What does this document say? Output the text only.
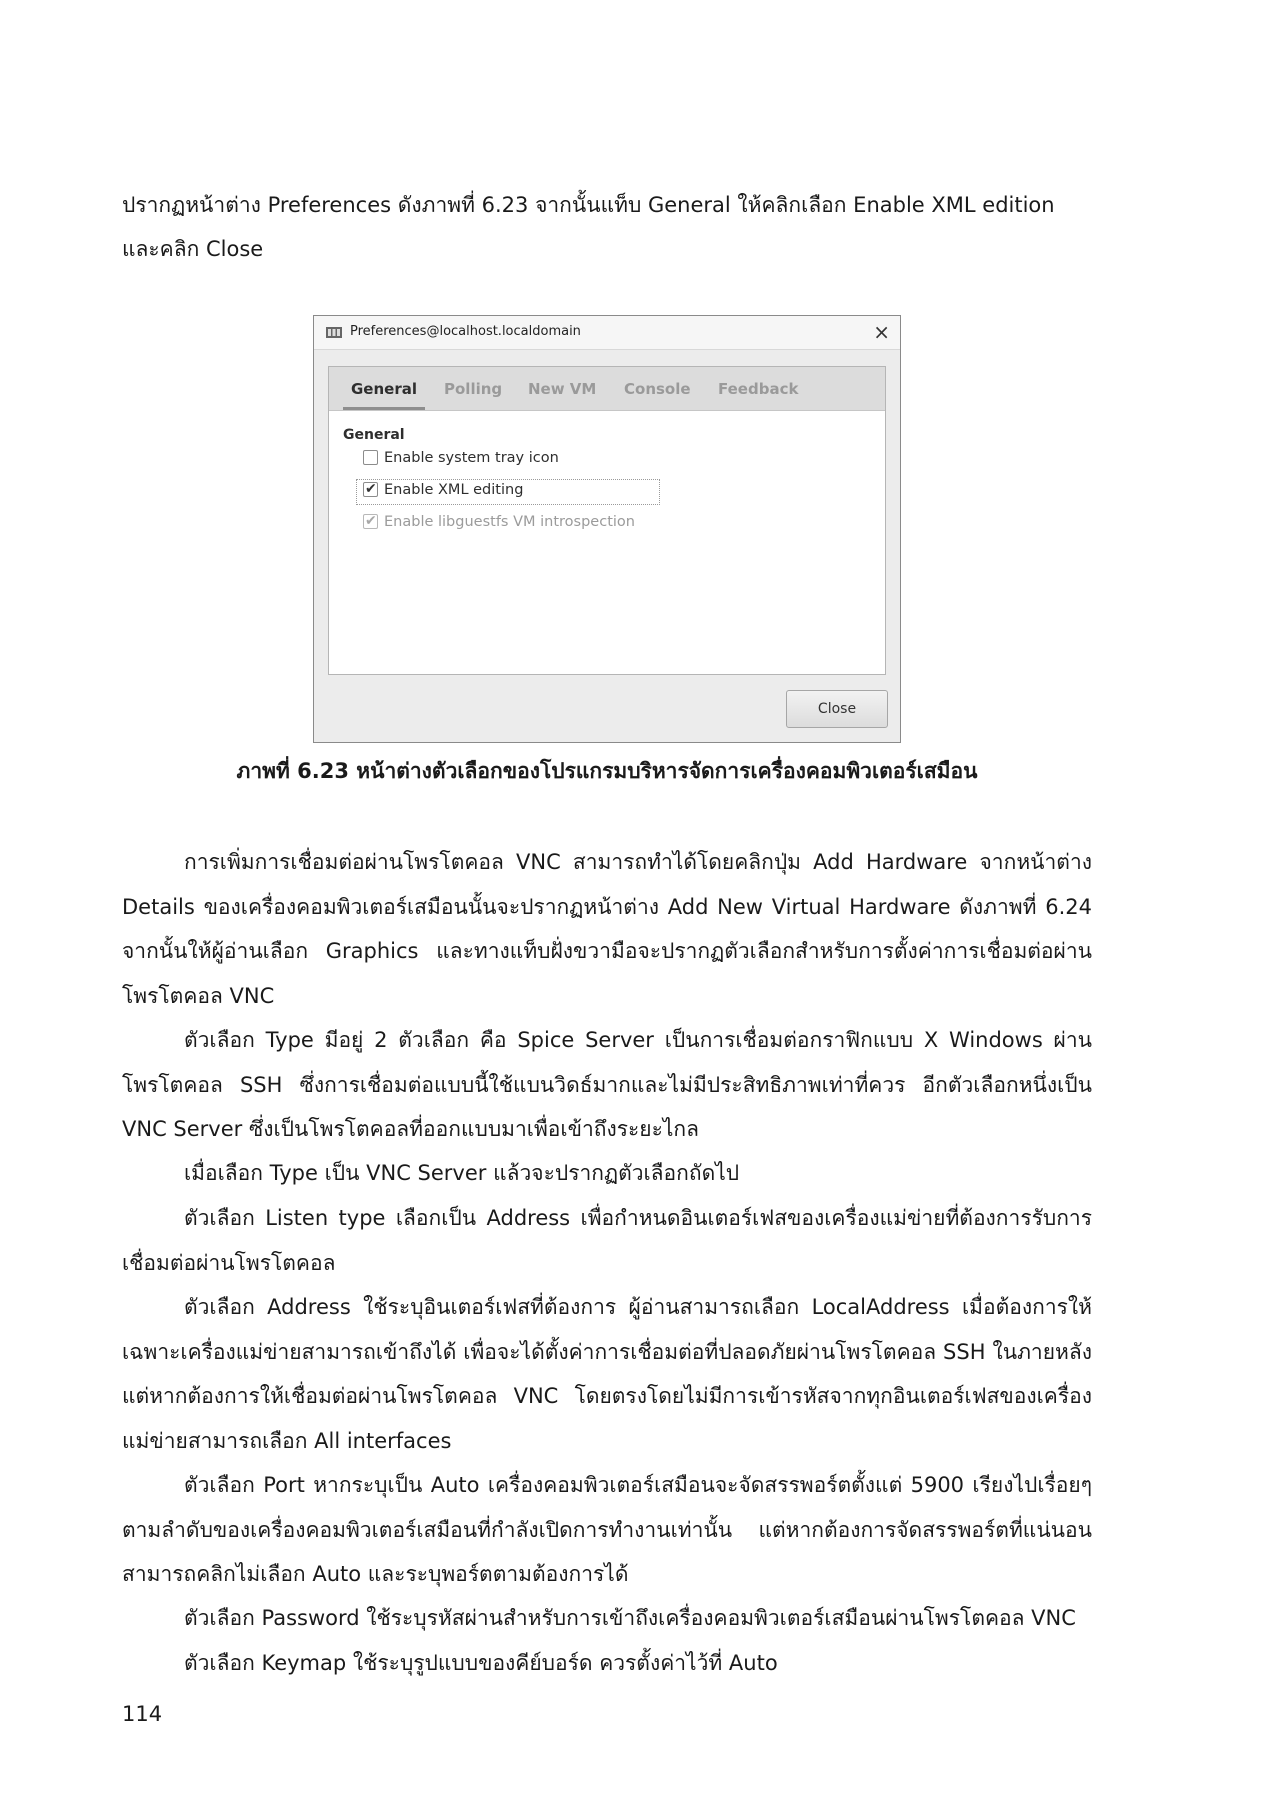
ปรากฏหน้าต่าง Preferences ดังภาพที่ 6.23 จากนั้นแท็บ General ให้คลิกเลือก Enable XML edition

และคลิก Close

Preferences@localhost.localdomain	×
General Polling New VM Console Feedback
General
Enable system tray icon
✔ Enable XML editing
✔ Enable libguestfs VM introspection
Close

ภาพที่ 6.23 หน้าต่างตัวเลือกของโปรแกรมบริหารจัดการเครื่องคอมพิวเตอร์เสมือน

การเพิ่มการเชื่อมต่อผ่านโพรโตคอล VNC สามารถทำได้โดยคลิกปุ่ม Add Hardware จากหน้าต่าง Details ของเครื่องคอมพิวเตอร์เสมือนนั้นจะปรากฏหน้าต่าง Add New Virtual Hardware ดังภาพที่ 6.24 จากนั้นให้ผู้อ่านเลือก Graphics และทางแท็บฝั่งขวามือจะปรากฏตัวเลือกสำหรับการตั้งค่าการเชื่อมต่อผ่านโพรโตคอล VNC

ตัวเลือก Type มีอยู่ 2 ตัวเลือก คือ Spice Server เป็นการเชื่อมต่อกราฟิกแบบ X Windows ผ่านโพรโตคอล SSH ซึ่งการเชื่อมต่อแบบนี้ใช้แบนวิดธ์มากและไม่มีประสิทธิภาพเท่าที่ควร อีกตัวเลือกหนึ่งเป็น VNC Server ซึ่งเป็นโพรโตคอลที่ออกแบบมาเพื่อเข้าถึงระยะไกล

เมื่อเลือก Type เป็น VNC Server แล้วจะปรากฏตัวเลือกถัดไป

ตัวเลือก Listen type เลือกเป็น Address เพื่อกำหนดอินเตอร์เฟสของเครื่องแม่ข่ายที่ต้องการรับการเชื่อมต่อผ่านโพรโตคอล

ตัวเลือก Address ใช้ระบุอินเตอร์เฟสที่ต้องการ ผู้อ่านสามารถเลือก LocalAddress เมื่อต้องการให้เฉพาะเครื่องแม่ข่ายสามารถเข้าถึงได้ เพื่อจะได้ตั้งค่าการเชื่อมต่อที่ปลอดภัยผ่านโพรโตคอล SSH ในภายหลัง แต่หากต้องการให้เชื่อมต่อผ่านโพรโตคอล VNC โดยตรงโดยไม่มีการเข้ารหัสจากทุกอินเตอร์เฟสของเครื่องแม่ข่ายสามารถเลือก All interfaces

ตัวเลือก Port หากระบุเป็น Auto เครื่องคอมพิวเตอร์เสมือนจะจัดสรรพอร์ตตั้งแต่ 5900 เรียงไปเรื่อยๆ ตามลำดับของเครื่องคอมพิวเตอร์เสมือนที่กำลังเปิดการทำงานเท่านั้น แต่หากต้องการจัดสรรพอร์ตที่แน่นอนสามารถคลิกไม่เลือก Auto และระบุพอร์ตตามต้องการได้

ตัวเลือก Password ใช้ระบุรหัสผ่านสำหรับการเข้าถึงเครื่องคอมพิวเตอร์เสมือนผ่านโพรโตคอล VNC

ตัวเลือก Keymap ใช้ระบุรูปแบบของคีย์บอร์ด ควรตั้งค่าไว้ที่ Auto

114
